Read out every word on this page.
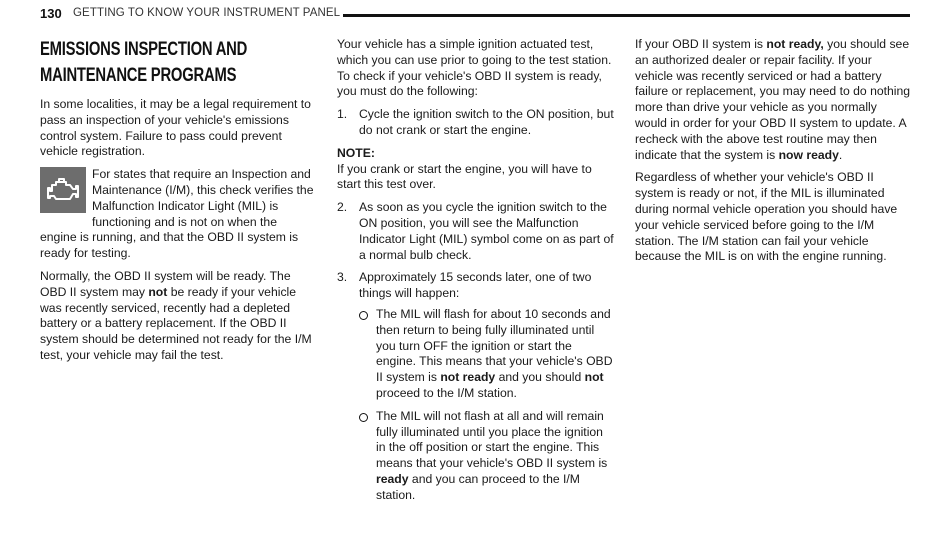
130 GETTING TO KNOW YOUR INSTRUMENT PANEL
EMISSIONS INSPECTION AND MAINTENANCE PROGRAMS

In some localities, it may be a legal requirement to pass an inspection of your vehicle's emissions control system. Failure to pass could prevent vehicle registration.

For states that require an Inspection and Maintenance (I/M), this check verifies the Malfunction Indicator Light (MIL) is functioning and is not on when the engine is running, and that the OBD II system is ready for testing.

Normally, the OBD II system will be ready. The OBD II system may not be ready if your vehicle was recently serviced, recently had a depleted battery or a battery replacement. If the OBD II system should be determined not ready for the I/M test, your vehicle may fail the test.

Your vehicle has a simple ignition actuated test, which you can use prior to going to the test station. To check if your vehicle's OBD II system is ready, you must do the following:

1. Cycle the ignition switch to the ON position, but do not crank or start the engine.

NOTE:

If you crank or start the engine, you will have to start this test over.

2. As soon as you cycle the ignition switch to the ON position, you will see the Malfunction Indicator Light (MIL) symbol come on as part of a normal bulb check.
3. Approximately 15 seconds later, one of two things will happen:
The MIL will flash for about 10 seconds and then return to being fully illuminated until you turn OFF the ignition or start the engine. This means that your vehicle's OBD II system is not ready and you should not proceed to the I/M station.
The MIL will not flash at all and will remain fully illuminated until you place the ignition in the off position or start the engine. This means that your vehicle's OBD II system is ready and you can proceed to the I/M station.

If your OBD II system is not ready, you should see an authorized dealer or repair facility. If your vehicle was recently serviced or had a battery failure or replacement, you may need to do nothing more than drive your vehicle as you normally would in order for your OBD II system to update. A recheck with the above test routine may then indicate that the system is now ready.

Regardless of whether your vehicle's OBD II system is ready or not, if the MIL is illuminated during normal vehicle operation you should have your vehicle serviced before going to the I/M station. The I/M station can fail your vehicle because the MIL is on with the engine running.
